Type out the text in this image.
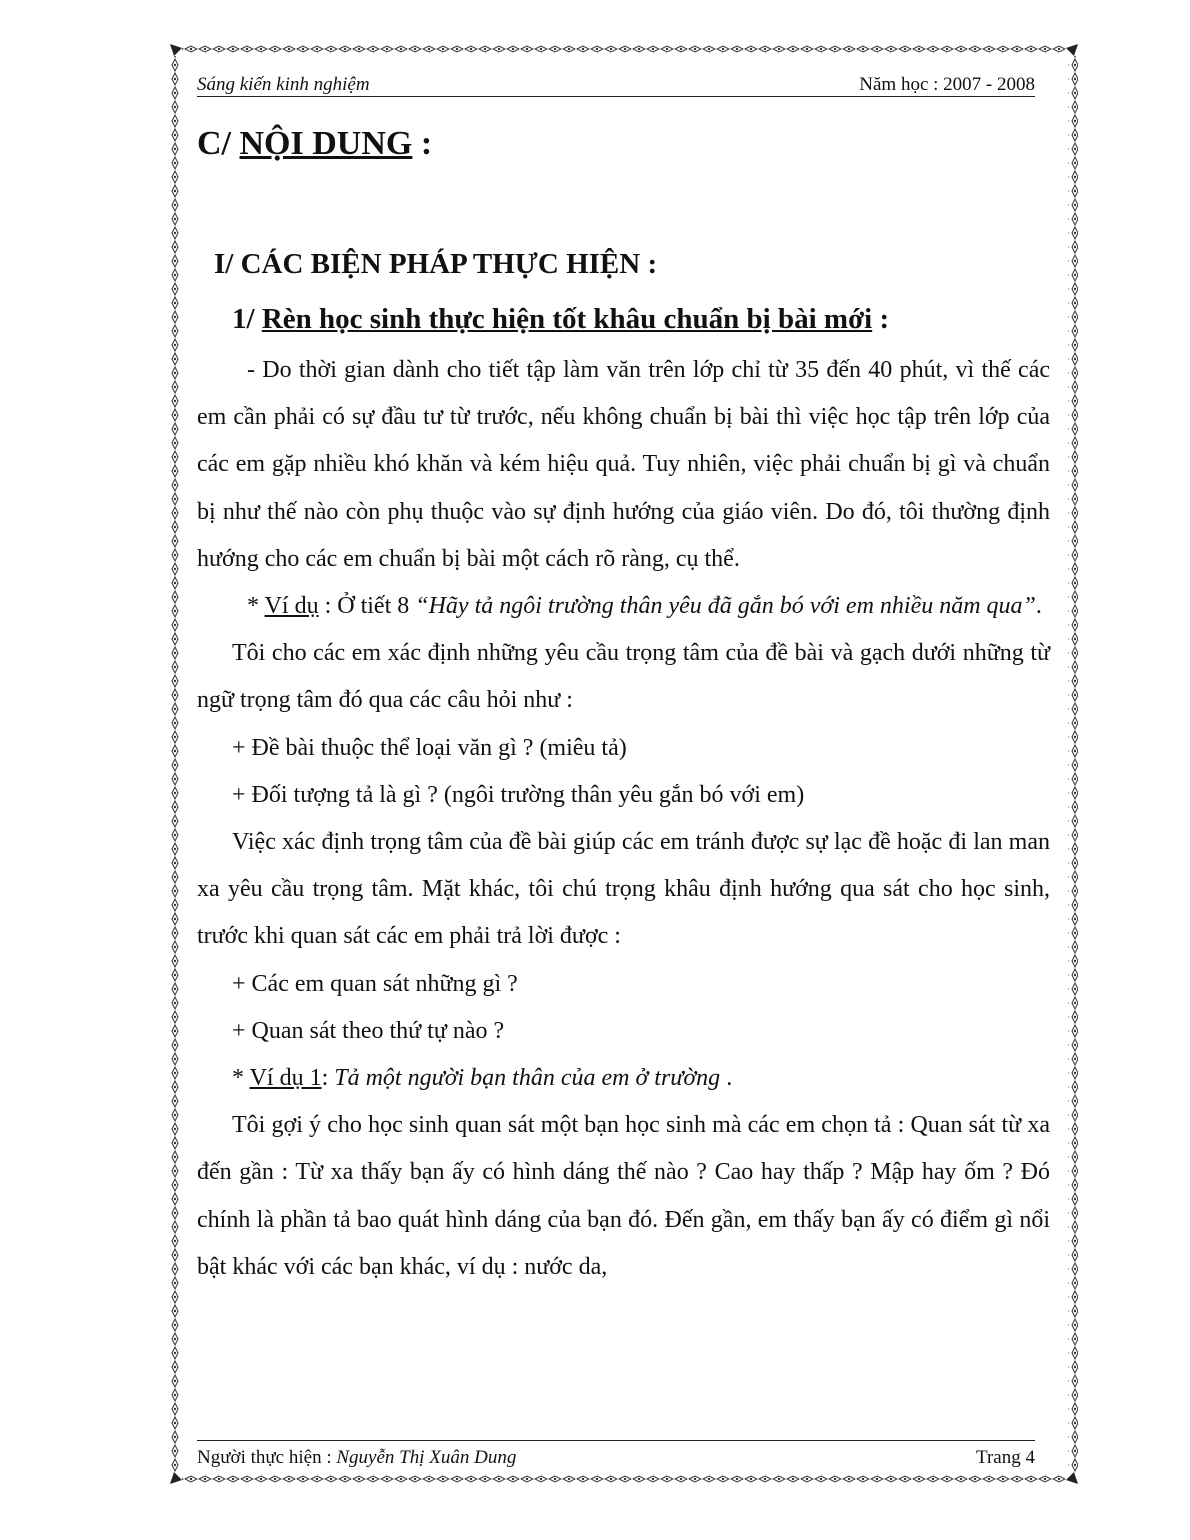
Sáng kiến kinh nghiệm	Năm học : 2007 - 2008
C/ NỘI DUNG :
I/ CÁC BIỆN PHÁP THỰC HIỆN :
1/ Rèn học sinh thực hiện tốt khâu chuẩn bị bài mới :

- Do thời gian dành cho tiết tập làm văn trên lớp chỉ từ 35 đến 40 phút, vì thế các em cần phải có sự đầu tư từ trước, nếu không chuẩn bị bài thì việc học tập trên lớp của các em gặp nhiều khó khăn và kém hiệu quả. Tuy nhiên, việc phải chuẩn bị gì và chuẩn bị như thế nào còn phụ thuộc vào sự định hướng của giáo viên. Do đó, tôi thường định hướng cho các em chuẩn bị bài một cách rõ ràng, cụ thể.

* Ví dụ : Ở tiết 8 “Hãy tả ngôi trường thân yêu đã gắn bó với em nhiều năm qua”.

Tôi cho các em xác định những yêu cầu trọng tâm của đề bài và gạch dưới những từ ngữ trọng tâm đó qua các câu hỏi như :

+ Đề bài thuộc thể loại văn gì ? (miêu tả)

+ Đối tượng tả là gì ? (ngôi trường thân yêu gắn bó với em)

Việc xác định trọng tâm của đề bài giúp các em tránh được sự lạc đề hoặc đi lan man xa yêu cầu trọng tâm. Mặt khác, tôi chú trọng khâu định hướng qua sát cho học sinh, trước khi quan sát các em phải trả lời được :

+ Các em quan sát những gì ?

+ Quan sát theo thứ tự nào ?

* Ví dụ 1: Tả một người bạn thân của em ở trường .

Tôi gợi ý cho học sinh quan sát một bạn học sinh mà các em chọn tả : Quan sát từ xa đến gần : Từ xa thấy bạn ấy có hình dáng thế nào ? Cao hay thấp ? Mập hay ốm ? Đó chính là phần tả bao quát hình dáng của bạn đó. Đến gần, em thấy bạn ấy có điểm gì nổi bật khác với các bạn khác, ví dụ : nước da,

Người thực hiện : Nguyễn Thị Xuân Dung	Trang 4
